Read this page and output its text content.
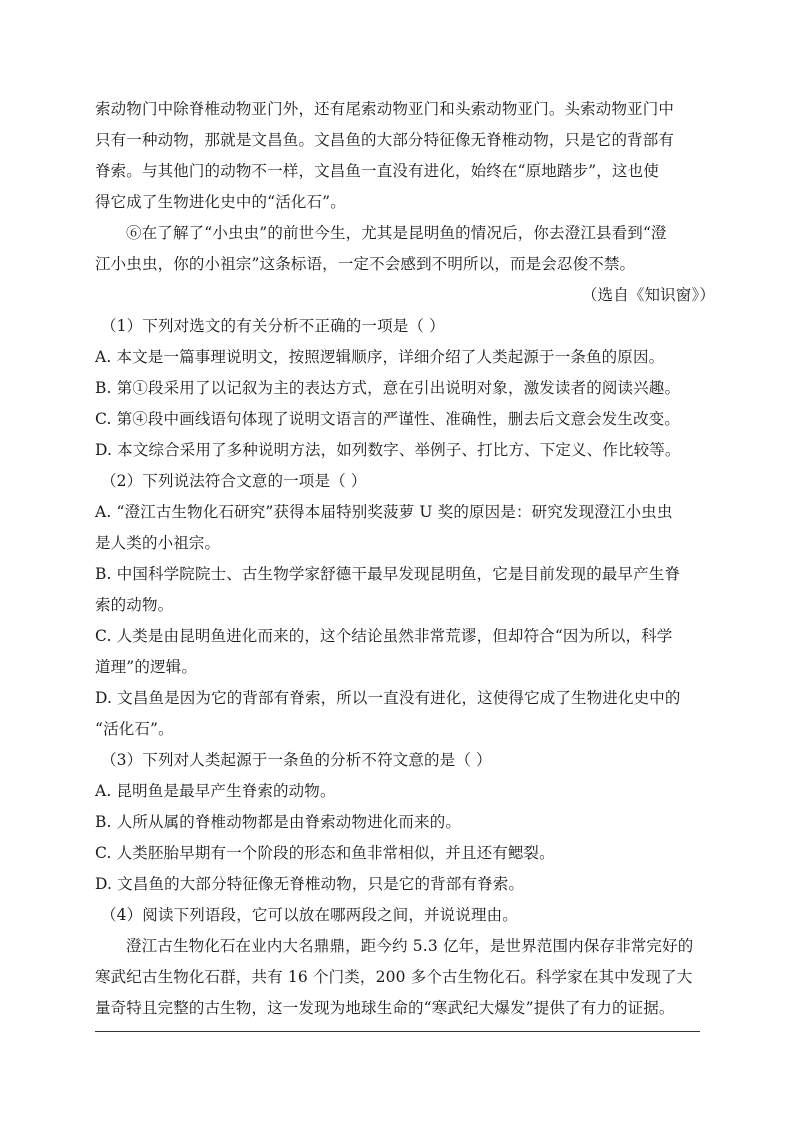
索动物门中除脊椎动物亚门外，还有尾索动物亚门和头索动物亚门。头索动物亚门中
只有一种动物，那就是文昌鱼。文昌鱼的大部分特征像无脊椎动物，只是它的背部有
脊索。与其他门的动物不一样，文昌鱼一直没有进化，始终在“原地踏步”，这也使
得它成了生物进化史中的“活化石”。
⑥在了解了“小虫虫”的前世今生，尤其是昆明鱼的情况后，你去澄江县看到“澄
江小虫虫，你的小祖宗”这条标语，一定不会感到不明所以，而是会忍俊不禁。
（选自《知识窗》）
（1）下列对选文的有关分析不正确的一项是（ ）
A. 本文是一篇事理说明文，按照逻辑顺序，详细介绍了人类起源于一条鱼的原因。
B. 第①段采用了以记叙为主的表达方式，意在引出说明对象，激发读者的阅读兴趣。
C. 第④段中画线语句体现了说明文语言的严谨性、准确性，删去后文意会发生改变。
D. 本文综合采用了多种说明方法，如列数字、举例子、打比方、下定义、作比较等。
（2）下列说法符合文意的一项是（ ）
A. “澄江古生物化石研究”获得本届特别奖菠萝 U 奖的原因是：研究发现澄江小虫虫
是人类的小祖宗。
B. 中国科学院院士、古生物学家舒德干最早发现昆明鱼，它是目前发现的最早产生脊
索的动物。
C. 人类是由昆明鱼进化而来的，这个结论虽然非常荒谬，但却符合“因为所以，科学
道理”的逻辑。
D. 文昌鱼是因为它的背部有脊索，所以一直没有进化，这使得它成了生物进化史中的
“活化石”。
（3）下列对人类起源于一条鱼的分析不符文意的是（ ）
A. 昆明鱼是最早产生脊索的动物。
B. 人所从属的脊椎动物都是由脊索动物进化而来的。
C. 人类胚胎早期有一个阶段的形态和鱼非常相似，并且还有鳃裂。
D. 文昌鱼的大部分特征像无脊椎动物，只是它的背部有脊索。
（4）阅读下列语段，它可以放在哪两段之间，并说说理由。
澄江古生物化石在业内大名鼎鼎，距今约 5.3 亿年，是世界范围内保存非常完好的
寒武纪古生物化石群，共有 16 个门类，200 多个古生物化石。科学家在其中发现了大
量奇特且完整的古生物，这一发现为地球生命的“寒武纪大爆发”提供了有力的证据。
